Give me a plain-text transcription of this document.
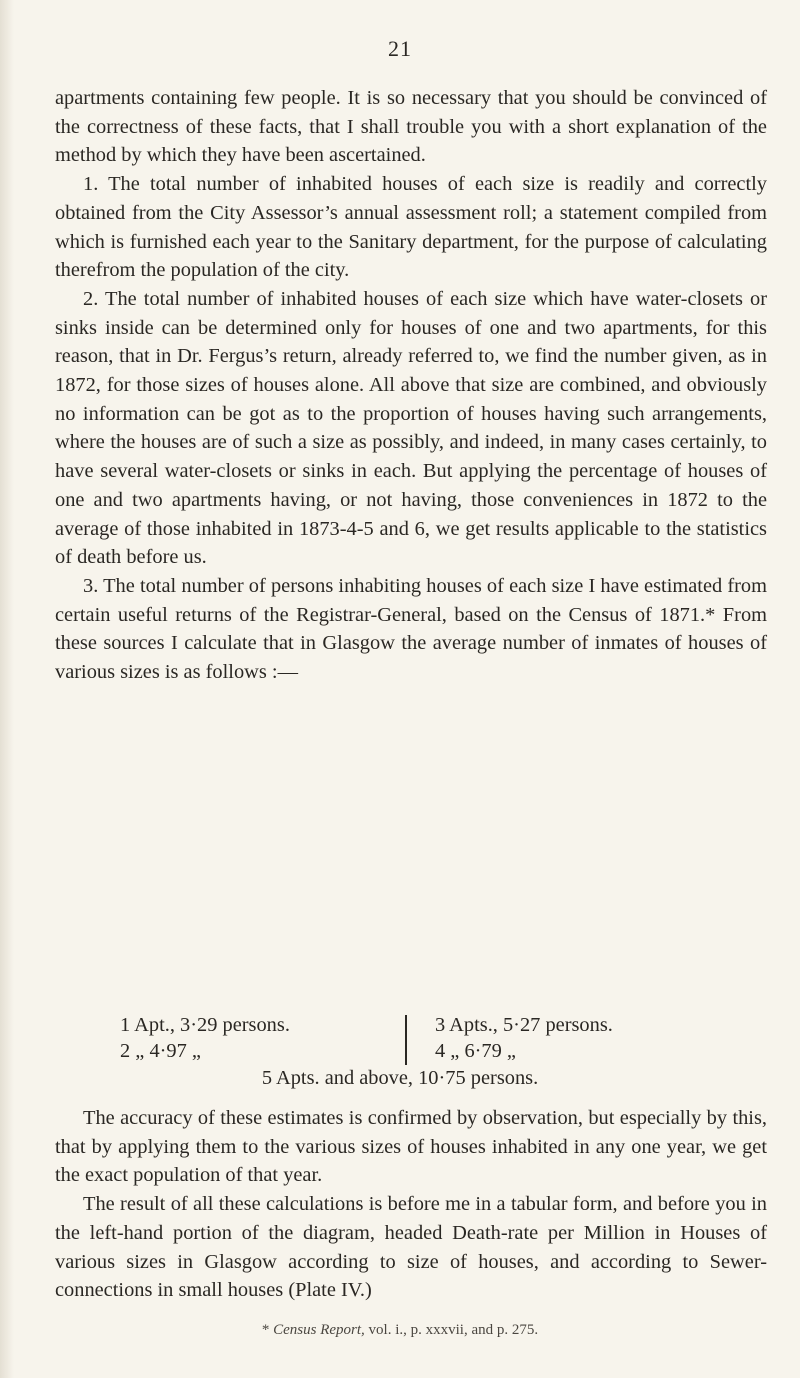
21

apartments containing few people. It is so necessary that you should be convinced of the correctness of these facts, that I shall trouble you with a short explanation of the method by which they have been ascertained.

1. The total number of inhabited houses of each size is readily and correctly obtained from the City Assessor’s annual assessment roll; a statement compiled from which is furnished each year to the Sanitary department, for the purpose of calculating therefrom the population of the city.

2. The total number of inhabited houses of each size which have water-closets or sinks inside can be determined only for houses of one and two apartments, for this reason, that in Dr. Fergus’s return, already referred to, we find the number given, as in 1872, for those sizes of houses alone. All above that size are combined, and obviously no information can be got as to the proportion of houses having such arrangements, where the houses are of such a size as possibly, and indeed, in many cases certainly, to have several water-closets or sinks in each. But applying the percentage of houses of one and two apartments having, or not having, those conveniences in 1872 to the average of those inhabited in 1873-4-5 and 6, we get results applicable to the statistics of death before us.

3. The total number of persons inhabiting houses of each size I have estimated from certain useful returns of the Registrar-General, based on the Census of 1871.* From these sources I calculate that in Glasgow the average number of inmates of houses of various sizes is as follows :—

1 Apt., 3·29 persons.
2 „ 4·97 „
3 Apts., 5·27 persons.
4 „ 6·79 „
5 Apts. and above, 10·75 persons.

The accuracy of these estimates is confirmed by observation, but especially by this, that by applying them to the various sizes of houses inhabited in any one year, we get the exact population of that year.

The result of all these calculations is before me in a tabular form, and before you in the left-hand portion of the diagram, headed Death-rate per Million in Houses of various sizes in Glasgow according to size of houses, and according to Sewer-connections in small houses (Plate IV.)

* Census Report, vol. i., p. xxxvii, and p. 275.
